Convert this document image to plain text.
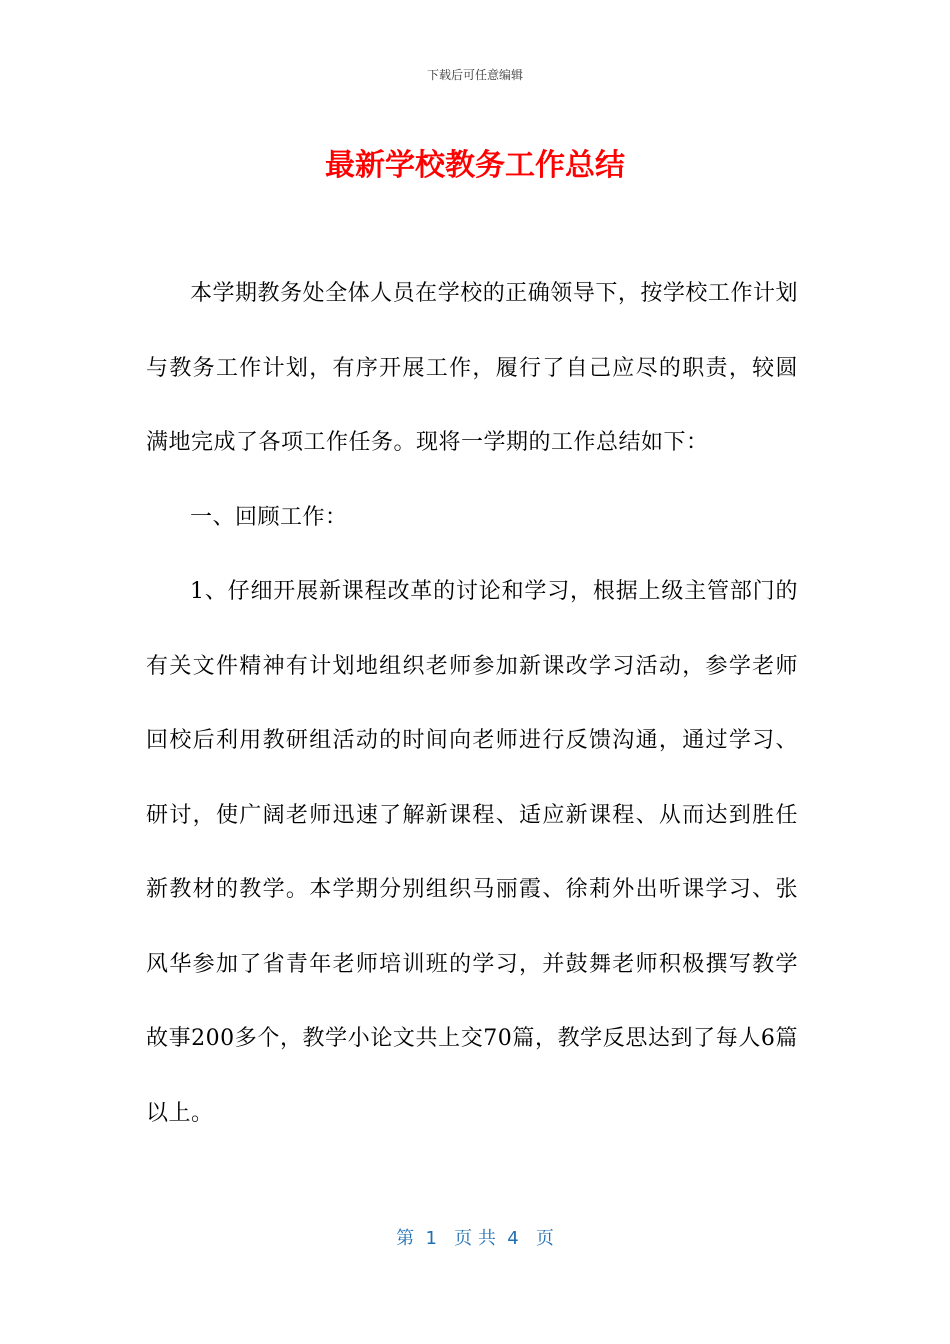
下载后可任意编辑
最新学校教务工作总结

本学期教务处全体人员在学校的正确领导下，按学校工作计划与教务工作计划，有序开展工作，履行了自己应尽的职责，较圆满地完成了各项工作任务。现将一学期的工作总结如下：

一、回顾工作：

1、仔细开展新课程改革的讨论和学习，根据上级主管部门的有关文件精神有计划地组织老师参加新课改学习活动，参学老师回校后利用教研组活动的时间向老师进行反馈沟通，通过学习、研讨，使广阔老师迅速了解新课程、适应新课程、从而达到胜任新教材的教学。本学期分别组织马丽霞、徐莉外出听课学习、张风华参加了省青年老师培训班的学习，并鼓舞老师积极撰写教学故事200多个，教学小论文共上交70篇，教学反思达到了每人6篇以上。

第  1   页 共  4   页
